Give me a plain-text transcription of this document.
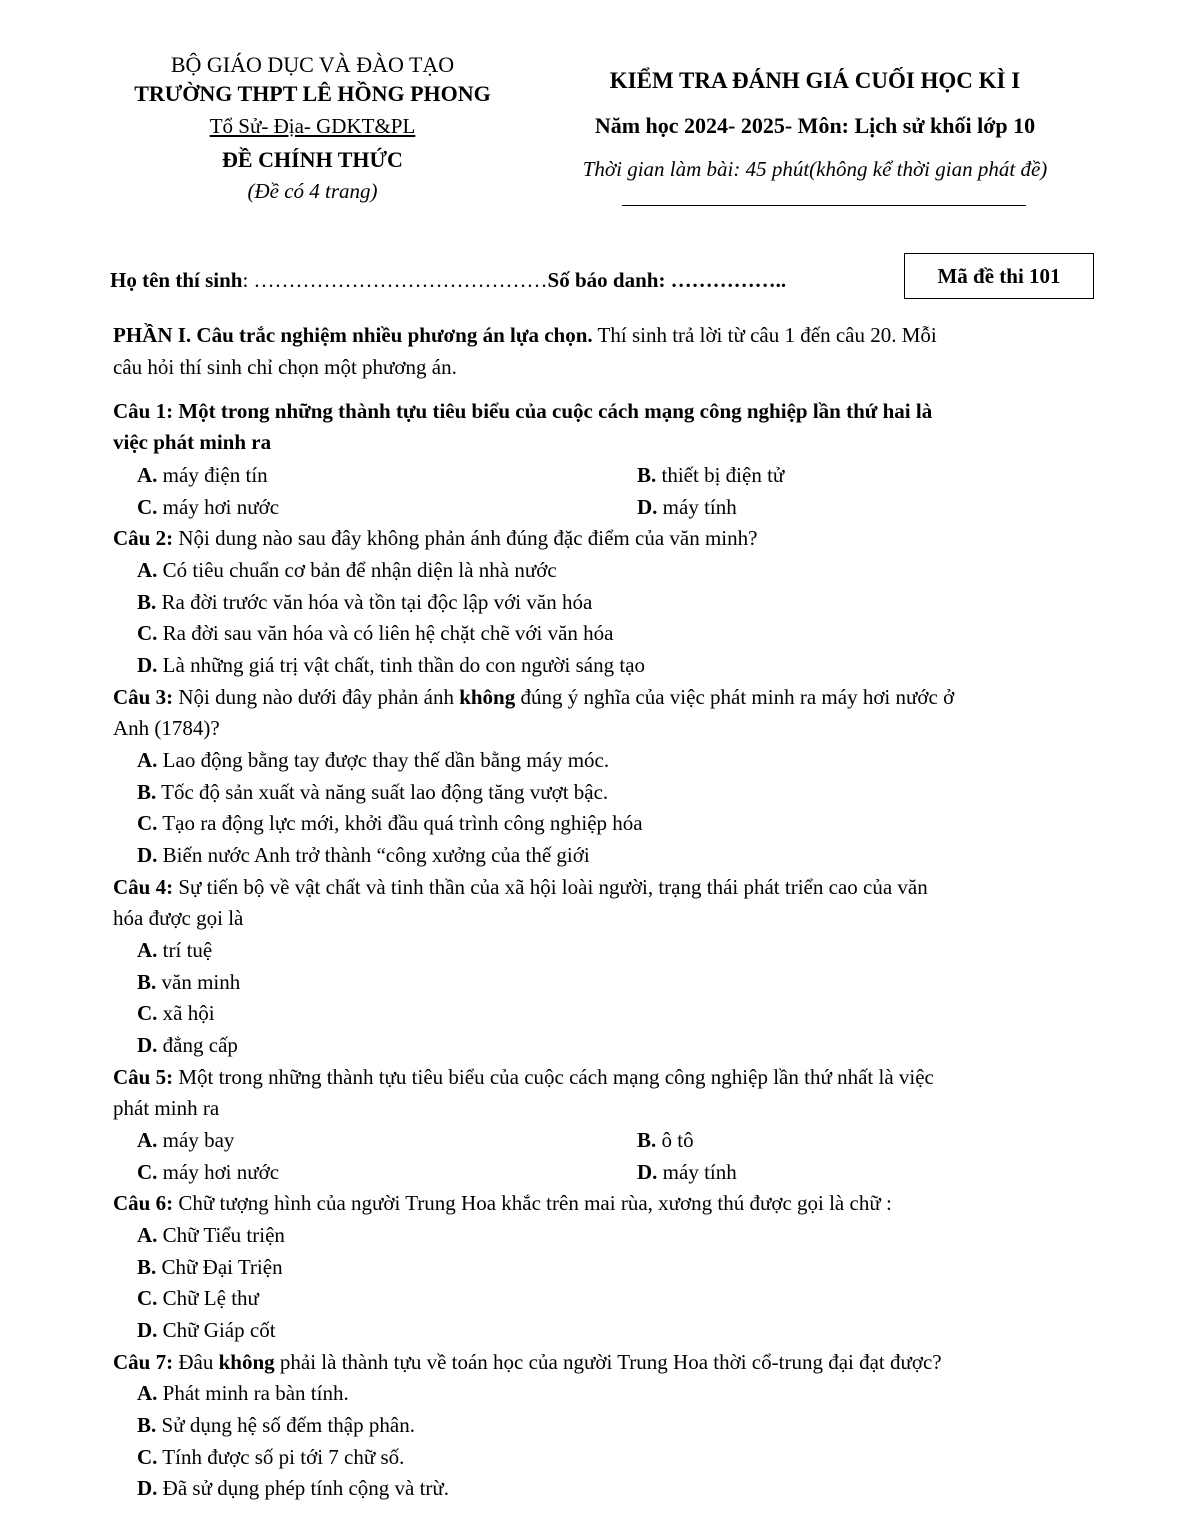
BỘ GIÁO DỤC VÀ ĐÀO TẠO
TRƯỜNG THPT LÊ HỒNG PHONG
Tổ Sử- Địa- GDKT&PL
ĐỀ CHÍNH THỨC
(Đề có 4 trang)
KIỂM TRA ĐÁNH GIÁ CUỐI HỌC KÌ I
Năm học 2024- 2025- Môn: Lịch sử khối lớp 10
Thời gian làm bài: 45 phút(không kể thời gian phát đề)
Họ tên thí sinh: ……………………………………Số báo danh: ……………..	Mã đề thi 101
PHẦN I. Câu trắc nghiệm nhiều phương án lựa chọn. Thí sinh trả lời từ câu 1 đến câu 20. Mỗi
câu hỏi thí sinh chỉ chọn một phương án.
Câu 1: Một trong những thành tựu tiêu biểu của cuộc cách mạng công nghiệp lần thứ hai là
việc phát minh ra
A. máy điện tín	B. thiết bị điện tử
C. máy hơi nước	D. máy tính
Câu 2: Nội dung nào sau đây không phản ánh đúng đặc điểm của văn minh?
A. Có tiêu chuẩn cơ bản để nhận diện là nhà nước
B. Ra đời trước văn hóa và tồn tại độc lập với văn hóa
C. Ra đời sau văn hóa và có liên hệ chặt chẽ với văn hóa
D. Là những giá trị vật chất, tinh thần do con người sáng tạo
Câu 3: Nội dung nào dưới đây phản ánh không đúng ý nghĩa của việc phát minh ra máy hơi nước ở
Anh (1784)?
A. Lao động bằng tay được thay thế dần bằng máy móc.
B. Tốc độ sản xuất và năng suất lao động tăng vượt bậc.
C. Tạo ra động lực mới, khởi đầu quá trình công nghiệp hóa
D. Biến nước Anh trở thành “công xưởng của thế giới
Câu 4: Sự tiến bộ về vật chất và tinh thần của xã hội loài người, trạng thái phát triển cao của văn
hóa được gọi là
A. trí tuệ
B. văn minh
C. xã hội
D. đẳng cấp
Câu 5: Một trong những thành tựu tiêu biểu của cuộc cách mạng công nghiệp lần thứ nhất là việc
phát minh ra
A. máy bay	B. ô tô
C. máy hơi nước	D. máy tính
Câu 6: Chữ tượng hình của người Trung Hoa khắc trên mai rùa, xương thú được gọi là chữ :
A. Chữ Tiểu triện
B. Chữ Đại Triện
C. Chữ Lệ thư
D. Chữ Giáp cốt
Câu 7: Đâu không phải là thành tựu về toán học của người Trung Hoa thời cổ-trung đại đạt được?
A. Phát minh ra bàn tính.
B. Sử dụng hệ số đếm thập phân.
C. Tính được số pi tới 7 chữ số.
D. Đã sử dụng phép tính cộng và trừ.
